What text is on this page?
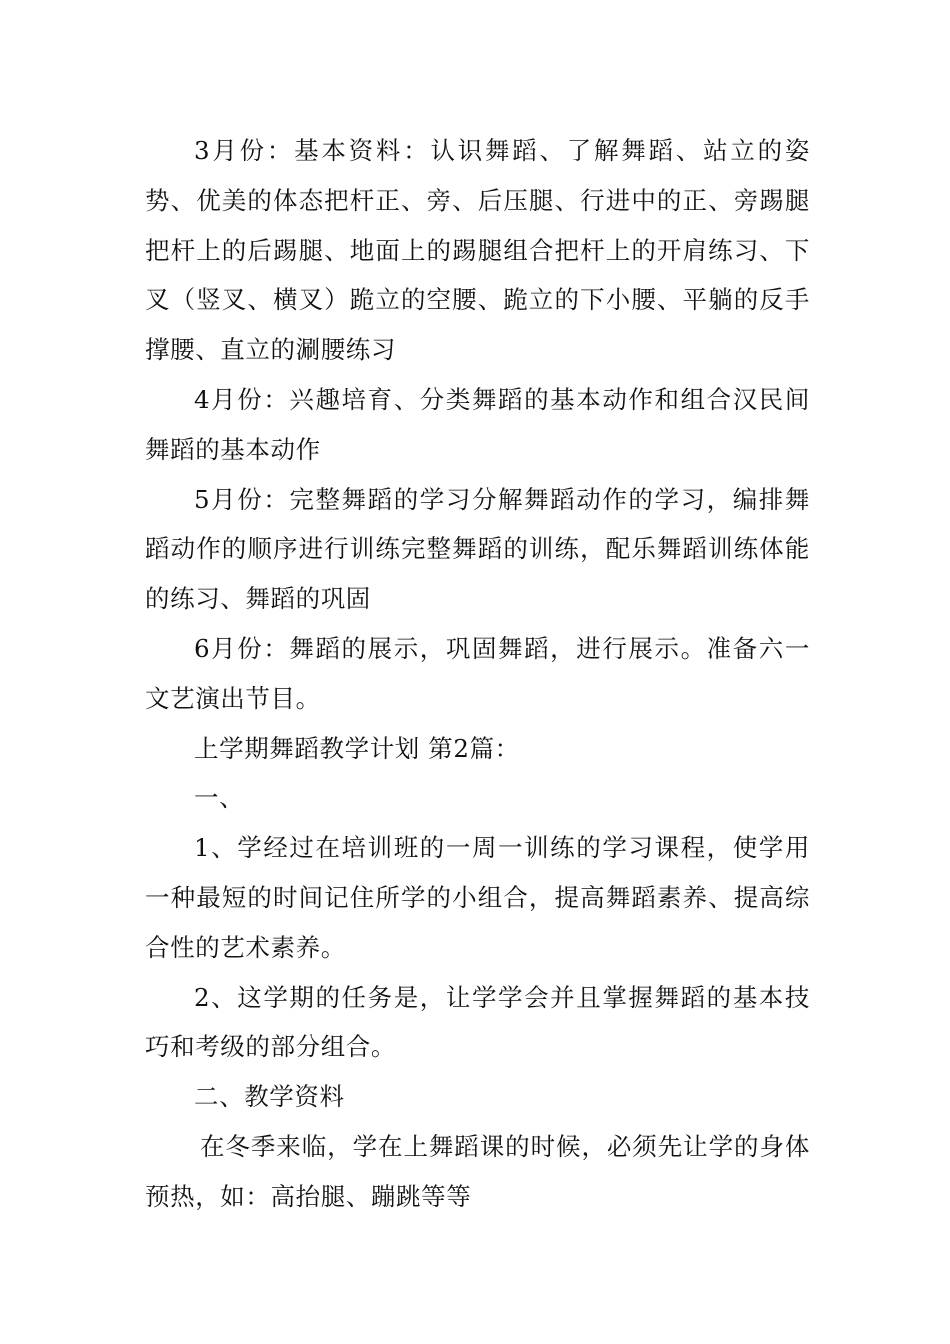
3月份：基本资料：认识舞蹈、了解舞蹈、站立的姿势、优美的体态把杆正、旁、后压腿、行进中的正、旁踢腿把杆上的后踢腿、地面上的踢腿组合把杆上的开肩练习、下叉（竖叉、横叉）跪立的空腰、跪立的下小腰、平躺的反手撑腰、直立的涮腰练习

4月份：兴趣培育、分类舞蹈的基本动作和组合汉民间舞蹈的基本动作

5月份：完整舞蹈的学习分解舞蹈动作的学习，编排舞蹈动作的顺序进行训练完整舞蹈的训练，配乐舞蹈训练体能的练习、舞蹈的巩固

6月份：舞蹈的展示，巩固舞蹈，进行展示。准备六一文艺演出节目。

上学期舞蹈教学计划 第2篇：

一、

1、学经过在培训班的一周一训练的学习课程，使学用一种最短的时间记住所学的小组合，提高舞蹈素养、提高综合性的艺术素养。

2、这学期的任务是，让学学会并且掌握舞蹈的基本技巧和考级的部分组合。

二、教学资料

在冬季来临，学在上舞蹈课的时候，必须先让学的身体预热，如：高抬腿、蹦跳等等
